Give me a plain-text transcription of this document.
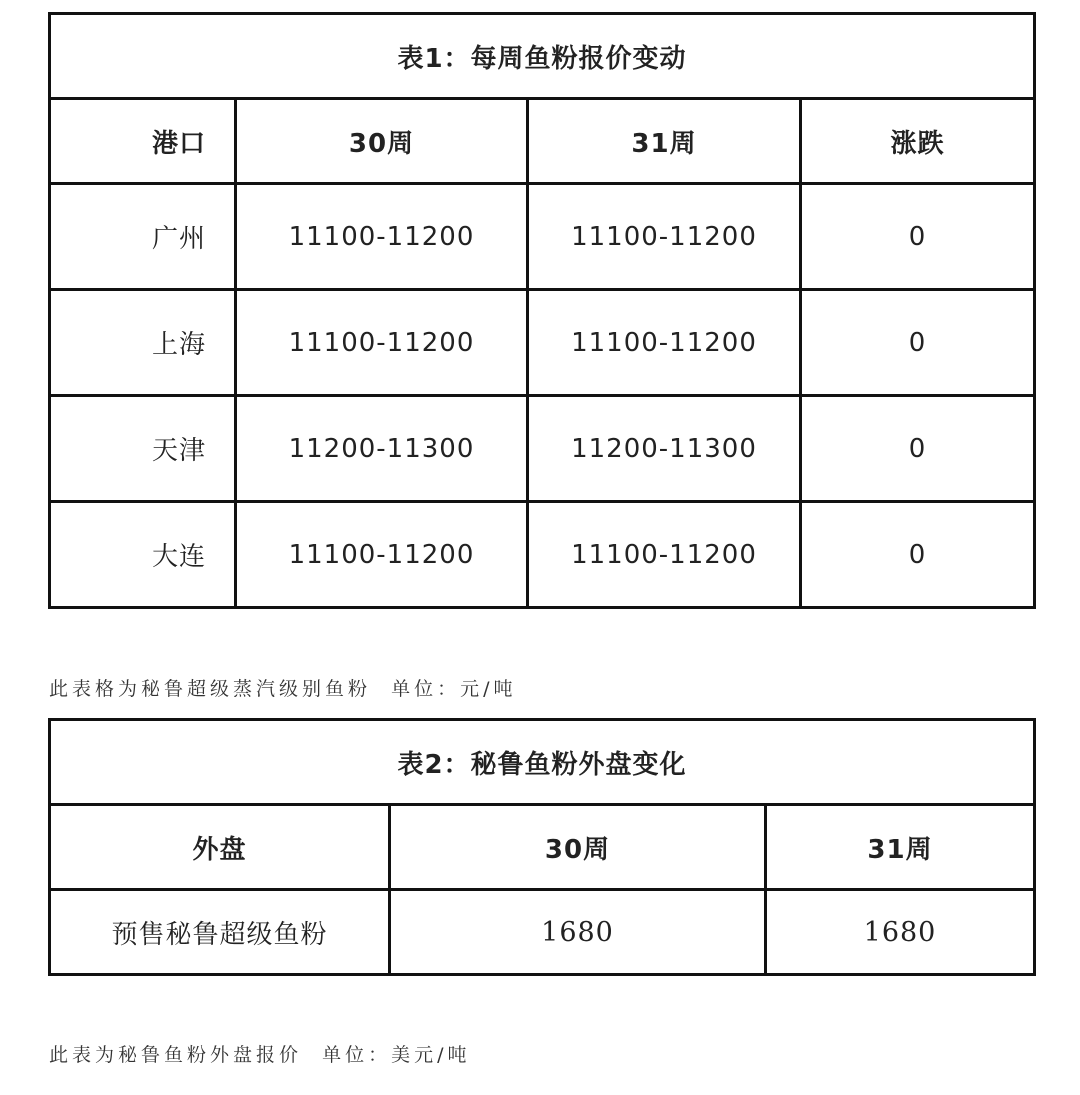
表1：每周鱼粉报价变动			
港口	30周	31周	涨跌
广州	11100-11200	11100-11200	0
上海	11100-11200	11100-11200	0
天津	11200-11300	11200-11300	0
大连	11100-11200	11100-11200	0
此表格为秘鲁超级蒸汽级别鱼粉  单位：元/吨
表2：秘鲁鱼粉外盘变化		
外盘	30周	31周
预售秘鲁超级鱼粉	1680	1680
此表为秘鲁鱼粉外盘报价  单位：美元/吨
